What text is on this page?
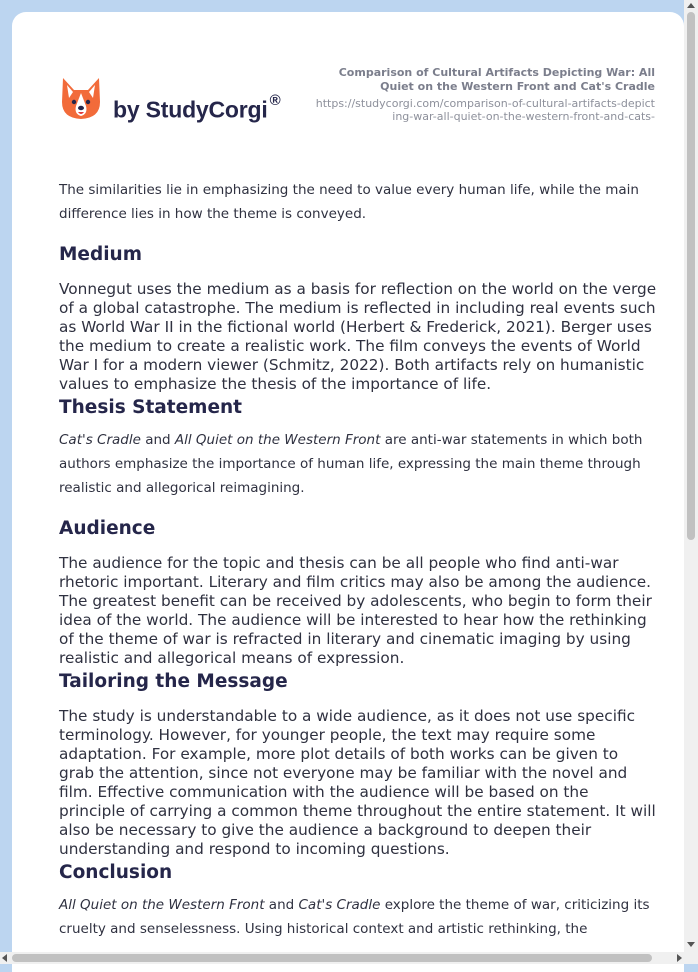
by StudyCorgi ®
Comparison of Cultural Artifacts Depicting War: All Quiet on the Western Front and Cat's Cradle
https://studycorgi.com/comparison-of-cultural-artifacts-depicting-war-all-quiet-on-the-western-front-and-cats-

The similarities lie in emphasizing the need to value every human life, while the main difference lies in how the theme is conveyed.

Medium

Vonnegut uses the medium as a basis for reflection on the world on the verge of a global catastrophe. The medium is reflected in including real events such as World War II in the fictional world (Herbert & Frederick, 2021). Berger uses the medium to create a realistic work. The film conveys the events of World War I for a modern viewer (Schmitz, 2022). Both artifacts rely on humanistic values to emphasize the thesis of the importance of life.

Thesis Statement

Cat's Cradle and All Quiet on the Western Front are anti-war statements in which both authors emphasize the importance of human life, expressing the main theme through realistic and allegorical reimagining.

Audience

The audience for the topic and thesis can be all people who find anti-war rhetoric important. Literary and film critics may also be among the audience. The greatest benefit can be received by adolescents, who begin to form their idea of the world. The audience will be interested to hear how the rethinking of the theme of war is refracted in literary and cinematic imaging by using realistic and allegorical means of expression.

Tailoring the Message

The study is understandable to a wide audience, as it does not use specific terminology. However, for younger people, the text may require some adaptation. For example, more plot details of both works can be given to grab the attention, since not everyone may be familiar with the novel and film. Effective communication with the audience will be based on the principle of carrying a common theme throughout the entire statement. It will also be necessary to give the audience a background to deepen their understanding and respond to incoming questions.

Conclusion

All Quiet on the Western Front and Cat's Cradle explore the theme of war, criticizing its cruelty and senselessness. Using historical context and artistic rethinking, the
